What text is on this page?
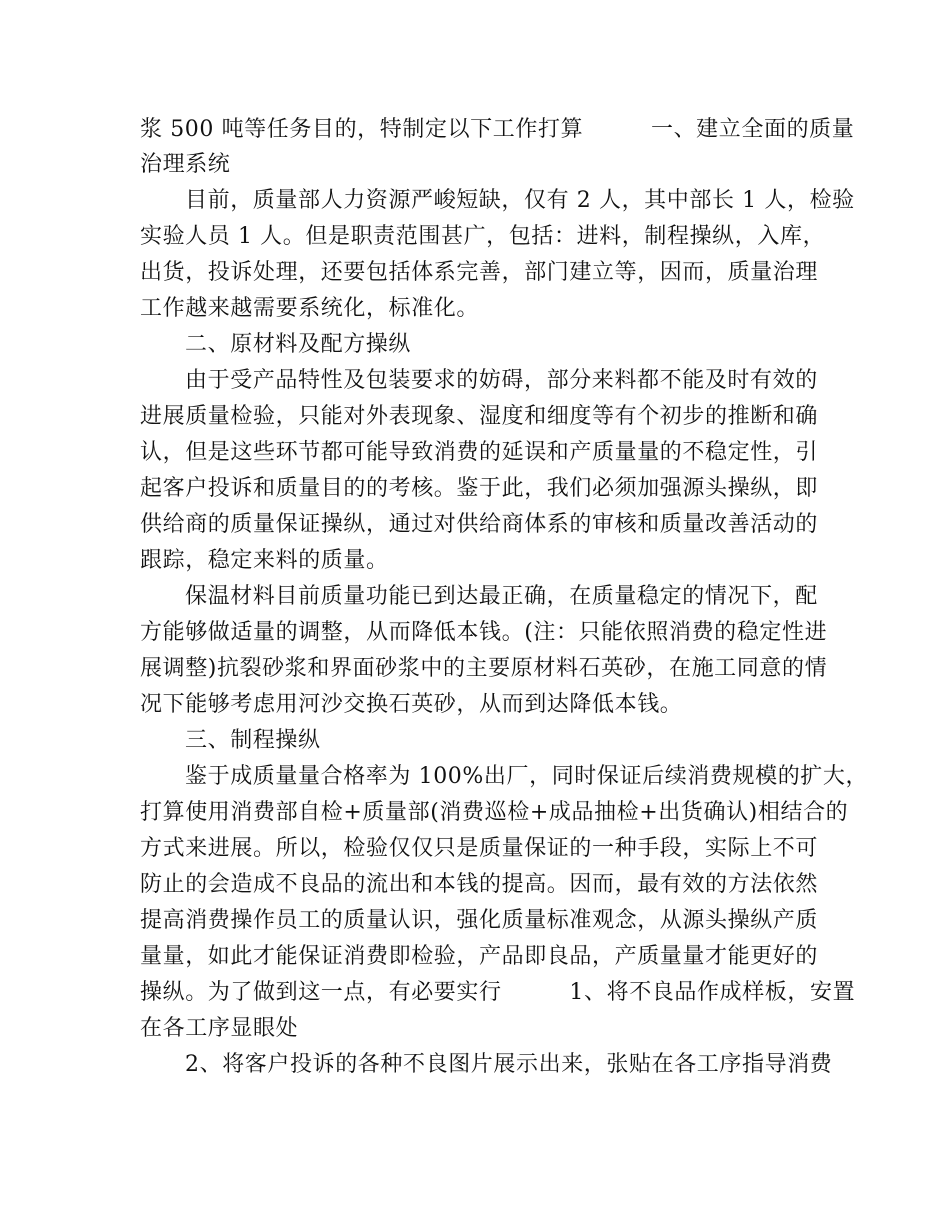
浆 500 吨等任务目的，特制定以下工作打算　　　一、建立全面的质量
治理系统
目前，质量部人力资源严峻短缺，仅有 2 人，其中部长 1 人，检验
实验人员 1 人。但是职责范围甚广，包括：进料，制程操纵，入库，
出货，投诉处理，还要包括体系完善，部门建立等，因而，质量治理
工作越来越需要系统化，标准化。
二、原材料及配方操纵
由于受产品特性及包装要求的妨碍，部分来料都不能及时有效的
进展质量检验，只能对外表现象、湿度和细度等有个初步的推断和确
认，但是这些环节都可能导致消费的延误和产质量量的不稳定性，引
起客户投诉和质量目的的考核。鉴于此，我们必须加强源头操纵，即
供给商的质量保证操纵，通过对供给商体系的审核和质量改善活动的
跟踪，稳定来料的质量。
保温材料目前质量功能已到达最正确，在质量稳定的情况下，配
方能够做适量的调整，从而降低本钱。(注：只能依照消费的稳定性进
展调整)抗裂砂浆和界面砂浆中的主要原材料石英砂，在施工同意的情
况下能够考虑用河沙交换石英砂，从而到达降低本钱。
三、制程操纵
鉴于成质量量合格率为 100%出厂，同时保证后续消费规模的扩大，
打算使用消费部自检+质量部(消费巡检+成品抽检+出货确认)相结合的
方式来进展。所以，检验仅仅只是质量保证的一种手段，实际上不可
防止的会造成不良品的流出和本钱的提高。因而，最有效的方法依然
提高消费操作员工的质量认识，强化质量标准观念，从源头操纵产质
量量，如此才能保证消费即检验，产品即良品，产质量量才能更好的
操纵。为了做到这一点，有必要实行　　　1、将不良品作成样板，安置
在各工序显眼处
2、将客户投诉的各种不良图片展示出来，张贴在各工序指导消费
